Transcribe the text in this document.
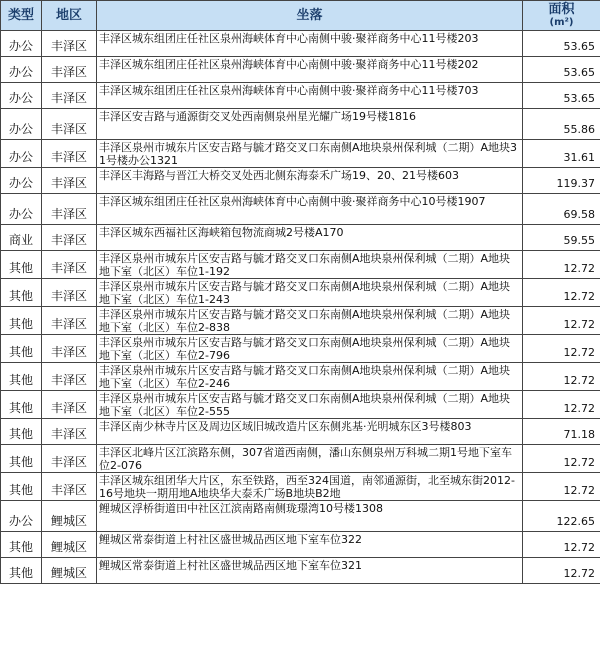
类型	地区	坐落	面积
(m²)

办公	丰泽区	丰泽区城东组团庄任社区泉州海峡体育中心南侧中骏·聚祥商务中心11号楼203	53.65
办公	丰泽区	丰泽区城东组团庄任社区泉州海峡体育中心南侧中骏·聚祥商务中心11号楼202	53.65
办公	丰泽区	丰泽区城东组团庄任社区泉州海峡体育中心南侧中骏·聚祥商务中心11号楼703	53.65
办公	丰泽区	丰泽区安吉路与通源街交叉处西南侧泉州星光耀广场19号楼1816	55.86
办公	丰泽区	丰泽区泉州市城东片区安吉路与毓才路交叉口东南侧A地块泉州保利城（二期）A地块31号楼办公1321	31.61
办公	丰泽区	丰泽区丰海路与晋江大桥交叉处西北侧东海泰禾广场19、20、21号楼603	119.37
办公	丰泽区	丰泽区城东组团庄任社区泉州海峡体育中心南侧中骏·聚祥商务中心10号楼1907	69.58
商业	丰泽区	丰泽区城东西福社区海峡箱包物流商城2号楼A170	59.55
其他	丰泽区	丰泽区泉州市城东片区安吉路与毓才路交叉口东南侧A地块泉州保利城（二期）A地块地下室（北区）车位1-192	12.72
其他	丰泽区	丰泽区泉州市城东片区安吉路与毓才路交叉口东南侧A地块泉州保利城（二期）A地块地下室（北区）车位1-243	12.72
其他	丰泽区	丰泽区泉州市城东片区安吉路与毓才路交叉口东南侧A地块泉州保利城（二期）A地块地下室（北区）车位2-838	12.72
其他	丰泽区	丰泽区泉州市城东片区安吉路与毓才路交叉口东南侧A地块泉州保利城（二期）A地块地下室（北区）车位2-796	12.72
其他	丰泽区	丰泽区泉州市城东片区安吉路与毓才路交叉口东南侧A地块泉州保利城（二期）A地块地下室（北区）车位2-246	12.72
其他	丰泽区	丰泽区泉州市城东片区安吉路与毓才路交叉口东南侧A地块泉州保利城（二期）A地块地下室（北区）车位2-555	12.72
其他	丰泽区	丰泽区南少林寺片区及周边区域旧城改造片区东侧兆基·光明城东区3号楼803	71.18
其他	丰泽区	丰泽区北峰片区江滨路东侧，307省道西南侧，潘山东侧泉州万科城二期1号地下室车位2-076	12.72
其他	丰泽区	丰泽区城东组团华大片区，东至铁路，西至324国道，南邻通源街，北至城东街2012-16号地块一期用地A地块华大泰禾广场B地块B2地	12.72
办公	鲤城区	鲤城区浮桥街道田中社区江滨南路南侧珑璟湾10号楼1308	122.65
其他	鲤城区	鲤城区常泰街道上村社区盛世城品西区地下室车位322	12.72
其他	鲤城区	鲤城区常泰街道上村社区盛世城品西区地下室车位321	12.72
